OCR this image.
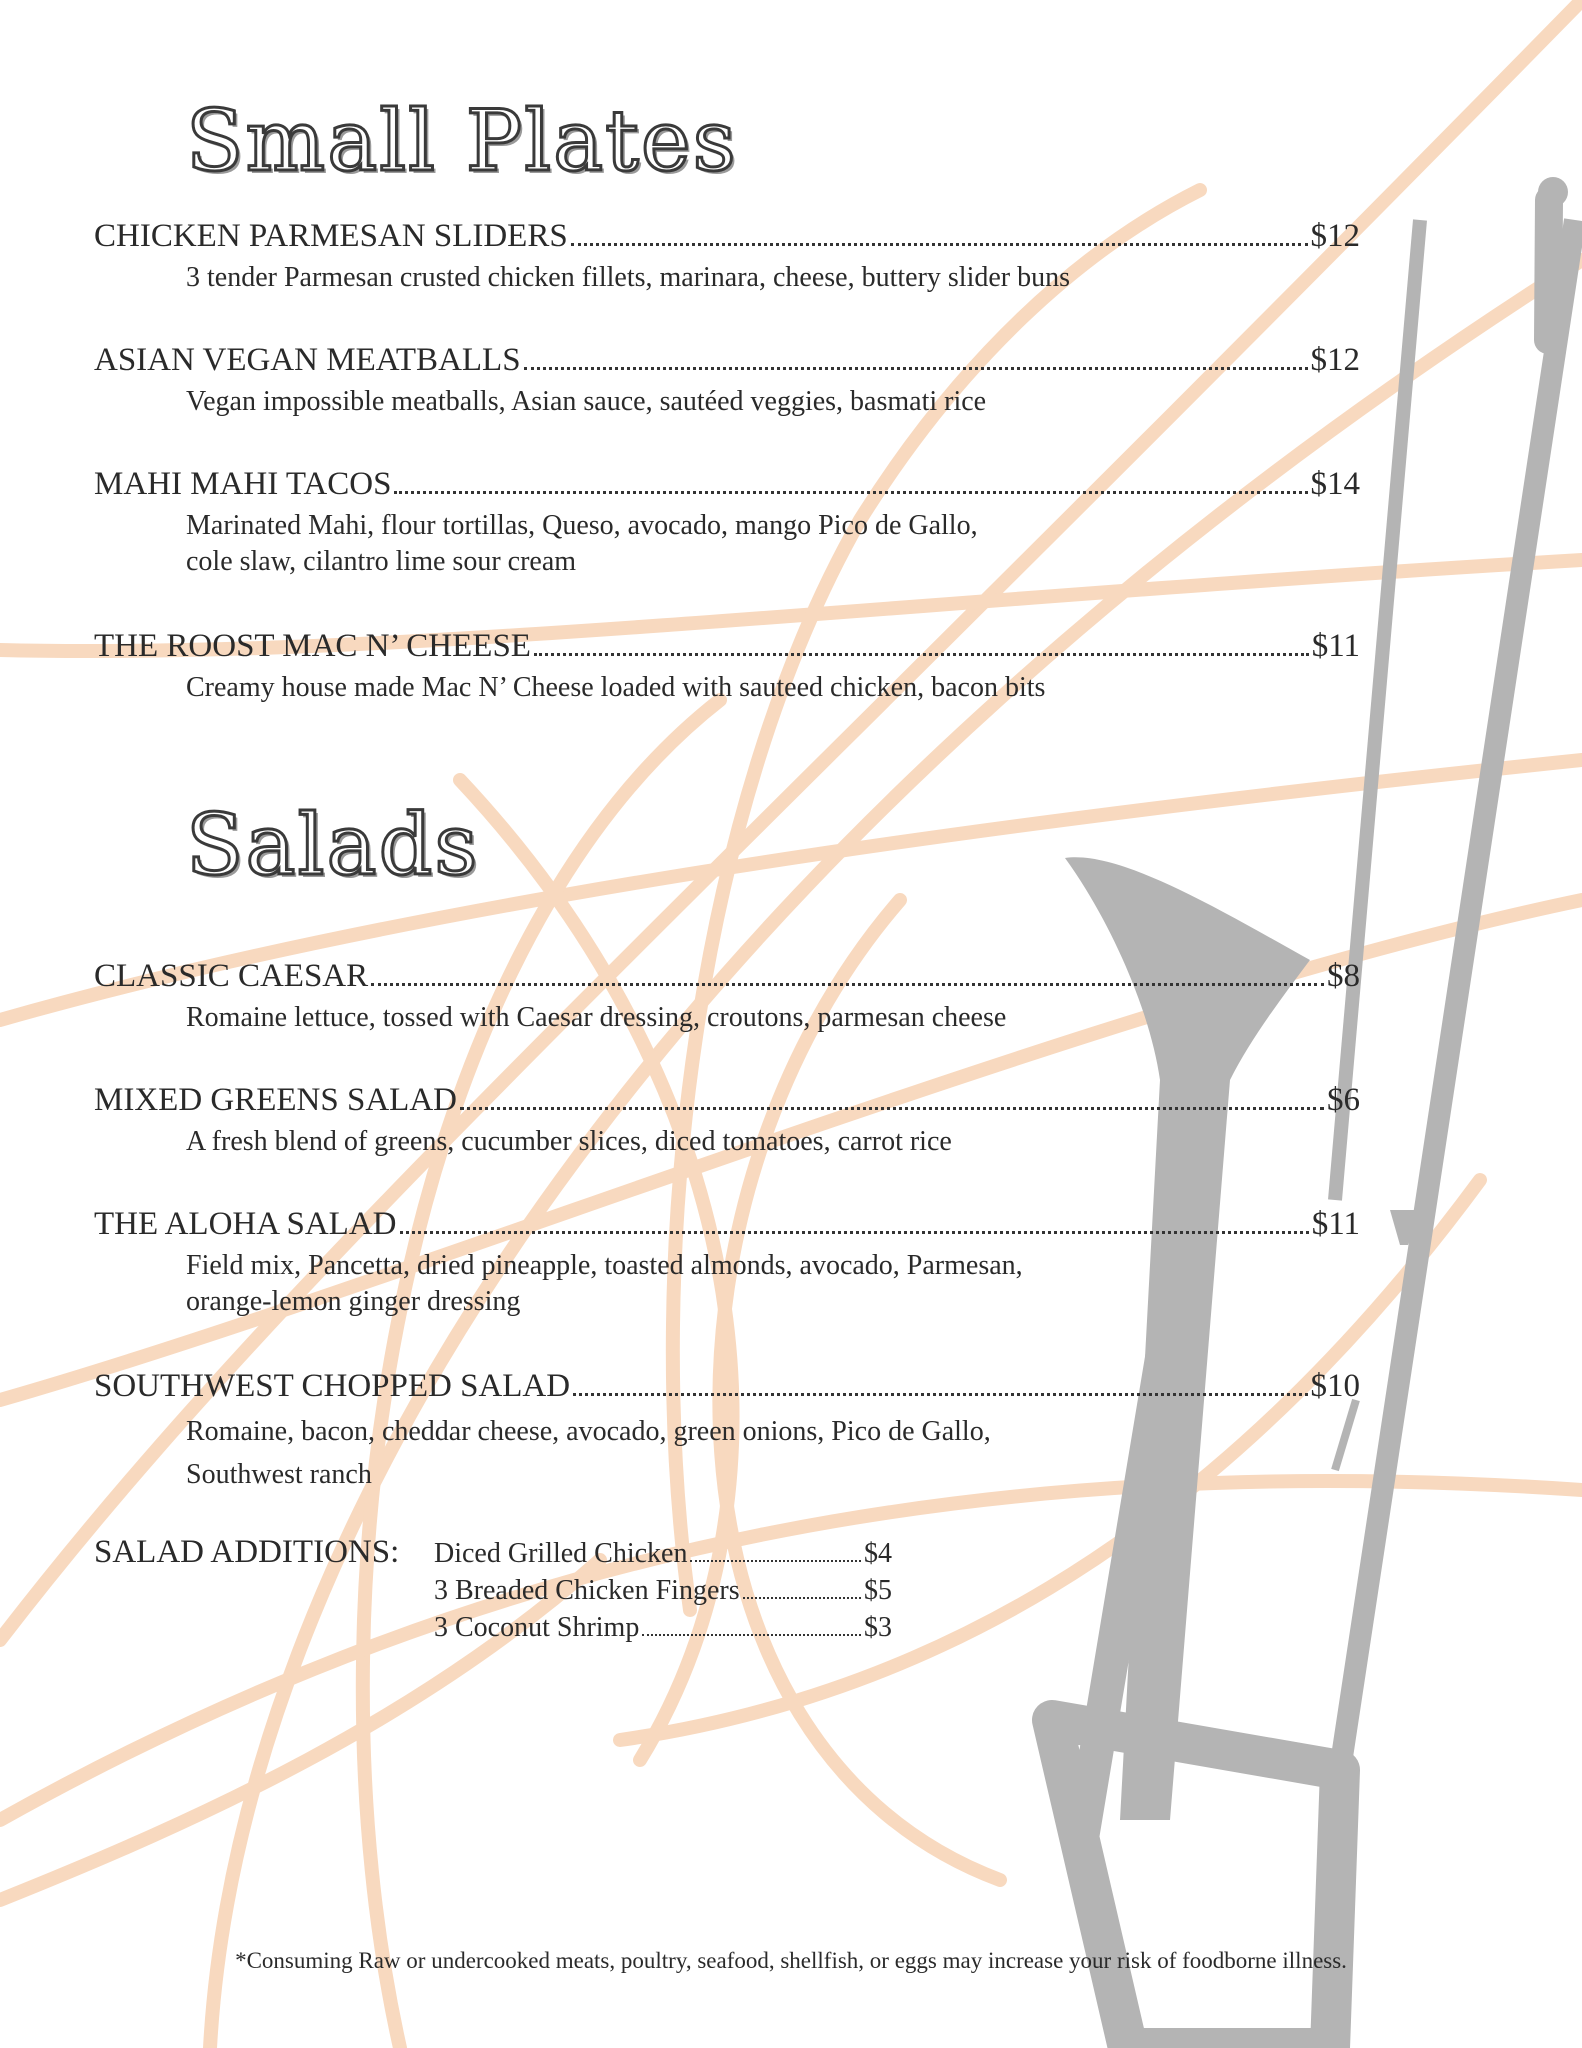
Small Plates
CHICKEN PARMESAN SLIDERS	$12
3 tender Parmesan crusted chicken fillets, marinara, cheese, buttery slider buns
ASIAN VEGAN MEATBALLS	$12
Vegan impossible meatballs, Asian sauce, sautéed veggies, basmati rice
MAHI MAHI TACOS	$14
Marinated Mahi, flour tortillas, Queso, avocado, mango Pico de Gallo,
cole slaw, cilantro lime sour cream
THE ROOST MAC N’ CHEESE	$11
Creamy house made Mac N’ Cheese loaded with sauteed chicken, bacon bits
Salads
CLASSIC CAESAR	$8
Romaine lettuce, tossed with Caesar dressing, croutons, parmesan cheese
MIXED GREENS SALAD	$6
A fresh blend of greens, cucumber slices, diced tomatoes, carrot rice
THE ALOHA SALAD	$11
Field mix, Pancetta, dried pineapple, toasted almonds, avocado, Parmesan,
orange-lemon ginger dressing
SOUTHWEST CHOPPED SALAD	$10
Romaine, bacon, cheddar cheese, avocado, green onions, Pico de Gallo,
Southwest ranch
SALAD ADDITIONS:	Diced Grilled Chicken	$4
3 Breaded Chicken Fingers	$5
3 Coconut Shrimp	$3
*Consuming Raw or undercooked meats, poultry, seafood, shellfish, or eggs may increase your risk of foodborne illness.
